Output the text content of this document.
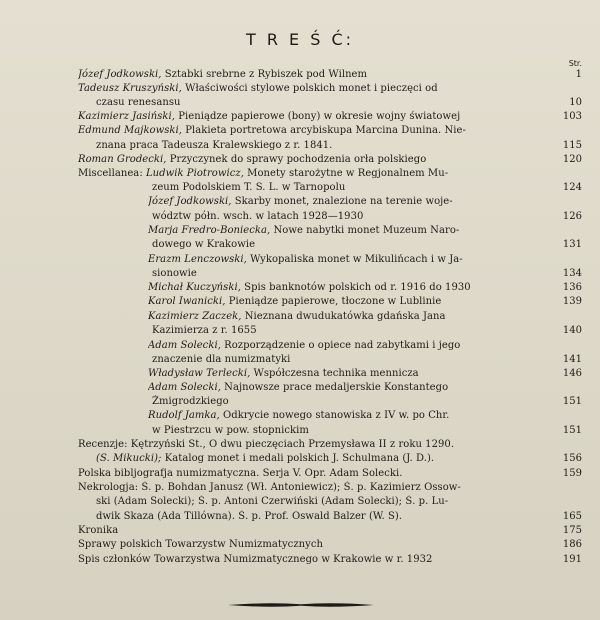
T R E Ś Ć:
Str.
Józef Jodkowski, Sztabki srebrne z Rybiszek pod Wilnem	1
Tadeusz Kruszyński, Właściwości stylowe polskich monet i pieczęci od
czasu renesansu	10
Kazimierz Jasiński, Pieniądze papierowe (bony) w okresie wojny światowej	103
Edmund Majkowski, Plakieta portretowa arcybiskupa Marcina Dunina. Nie-
znana praca Tadeusza Kralewskiego z r. 1841.	115
Roman Grodecki, Przyczynek do sprawy pochodzenia orła polskiego	120
Miscellanea: Ludwik Piotrowicz, Monety starożytne w Regjonalnem Mu-
zeum Podolskiem T. S. L. w Tarnopolu	124
Józef Jodkowski, Skarby monet, znalezione na terenie woje-
wództw półn. wsch. w latach 1928—1930	126
Marja Fredro-Boniecka, Nowe nabytki monet Muzeum Naro-
dowego w Krakowie	131
Erazm Lenczowski, Wykopaliska monet w Mikulińcach i w Ja-
sionowie	134
Michał Kuczyński, Spis banknotów polskich od r. 1916 do 1930	136
Karol Iwanicki, Pieniądze papierowe, tłoczone w Lublinie	139
Kazimierz Zaczek, Nieznana dwudukatówka gdańska Jana
Kazimierza z r. 1655	140
Adam Solecki, Rozporządzenie o opiece nad zabytkami i jego
znaczenie dla numizmatyki	141
Władysław Terlecki, Współczesna technika mennicza	146
Adam Solecki, Najnowsze prace medaljerskie Konstantego
Żmigrodzkiego	151
Rudolf Jamka, Odkrycie nowego stanowiska z IV w. po Chr.
w Piestrzcu w pow. stopnickim	151
Recenzje: Kętrzyński St., O dwu pieczęciach Przemysława II z roku 1290.
(S. Mikucki); Katalog monet i medali polskich J. Schulmana (J. D.).	156
Polska bibljografja numizmatyczna. Serja V. Opr. Adam Solecki.	159
Nekrologja: Ś. p. Bohdan Janusz (Wł. Antoniewicz); Ś. p. Kazimierz Ossow-
ski (Adam Solecki); Ś. p. Antoni Czerwiński (Adam Solecki); Ś. p. Lu-
dwik Skaza (Ada Tillówna). Ś. p. Prof. Oswald Balzer (W. S).	165
Kronika	175
Sprawy polskich Towarzystw Numizmatycznych	186
Spis członków Towarzystwa Numizmatycznego w Krakowie w r. 1932	191
